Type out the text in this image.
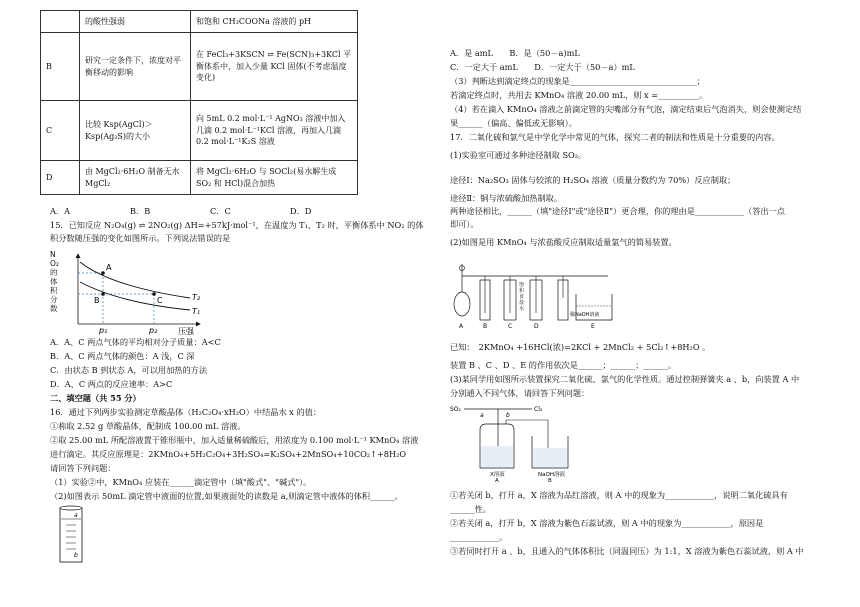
	的酸性强弱	和饱和 CH₃COONa 溶液的 pH
B	研究一定条件下，浓度对平衡移动的影响	在 FeCl₃+3KSCN ⇌ Fe(SCN)₃+3KCl 平衡体系中，加入少量 KCl 固体(不考虑温度变化)
C	比较 Ksp(AgCl)＞Ksp(Ag₂S)的大小	向 5mL 0.2 mol·L⁻¹ AgNO₃ 溶液中加入几滴 0.2 mol·L⁻¹KCl 溶液，再加入几滴 0.2 mol·L⁻¹K₂S 溶液
D	由 MgCl₂·6H₂O 制备无水 MgCl₂	将 MgCl₂·6H₂O 与 SOCl₂(易水解生成 SO₂ 和 HCl)混合加热
A．A	B．B	C．C	D．D
15．已知反应 N₂O₄(g) ⇌ 2NO₂(g) ΔH=+57kJ·mol⁻¹，在温度为 T₁、T₂ 时，平衡体系中 NO₂ 的体
积分数随压强的变化如图所示。下列说法错误的是
A
B	C	T₂
T₁
p₁	p₂	压强
NO₂的体积分数
A．A、C 两点气体的平均相对分子质量：A<C
B．A、C 两点气体的颜色：A 浅，C 深
C．由状态 B 到状态 A，可以用加热的方法
D．A、C 两点的反应速率：A>C
二、填空题（共 55 分）
16．通过下列两步实验测定草酸晶体（H₂C₂O₄·xH₂O）中结晶水 x 的值：
①称取 2.52 g 草酸晶体，配制成 100.00 mL 溶液。
②取 25.00 mL 所配溶液置于锥形瓶中，加入适量稀硫酸后，用浓度为 0.100 mol·L⁻¹ KMnO₄ 溶液
进行滴定。其反应原理是：2KMnO₄+5H₂C₂O₄+3H₂SO₄=K₂SO₄+2MnSO₄+10CO₂↑+8H₂O
请回答下列问题：
（1）实验②中，KMnO₄ 应装在______滴定管中（填"酸式"、"碱式"）。
（2)如图表示 50mL 滴定管中液面的位置,如果液面处的读数是 a,则滴定管中液体的体积______。
a
b
A．是 amL　　B．是（50－a)mL
C．一定大于 amL　　D．一定大于（50－a）mL
（3）判断达到滴定终点的现象是_______________________________；
若滴定终点时，共用去 KMnO₄ 溶液 20.00 mL，则 x =__________。
（4）若在滴入 KMnO₄ 溶液之前滴定管的尖嘴部分有气泡，滴定结束后气泡消失，则会使测定结
果______（偏高、偏低或无影响）。
17．二氧化硫和氯气是中学化学中常见的气体，探究二者的制法和性质是十分重要的内容。
(1)实验室可通过多种途径制取 SO₂。
途径Ⅰ：Na₂SO₃ 固体与较浓的 H₂SO₄ 溶液（质量分数约为 70%）反应制取；
途径Ⅱ：铜与浓硫酸加热制取。
两种途径相比，______（填"途径Ⅰ"或"途径Ⅱ"）更合理，你的理由是____________（答出一点
即可）。
(2)如图是用 KMnO₄ 与浓盐酸反应制取适量氯气的简易装置。
饱和食盐水
稀NaOH溶液
A	B	C	D	E
已知：　2KMnO₄ +16HCl(浓)=2KCl + 2MnCl₂ + 5Cl₂↑+8H₂O 。
装置 B 、C 、D 、E 的作用依次是______；______；______。
(3)某同学用如图所示装置探究二氧化硫、氯气的化学性质。通过控制弹簧夹 a 、b，向装置 A 中
分别通入不同气体，请回答下列问题：
SO₂	Cl₂
a	b
X溶液	NaOH溶液
A	B
①若关闭 b，打开 a，X 溶液为品红溶液，则 A 中的现象为____________，说明二氧化硫具有
______性。
②若关闭 a，打开 b，X 溶液为紫色石蕊试液，则 A 中的现象为____________，原因是
____________。
③若同时打开 a 、b，且通入的气体体积比（同温同压）为 1:1，X 溶液为紫色石蕊试液，则 A 中
